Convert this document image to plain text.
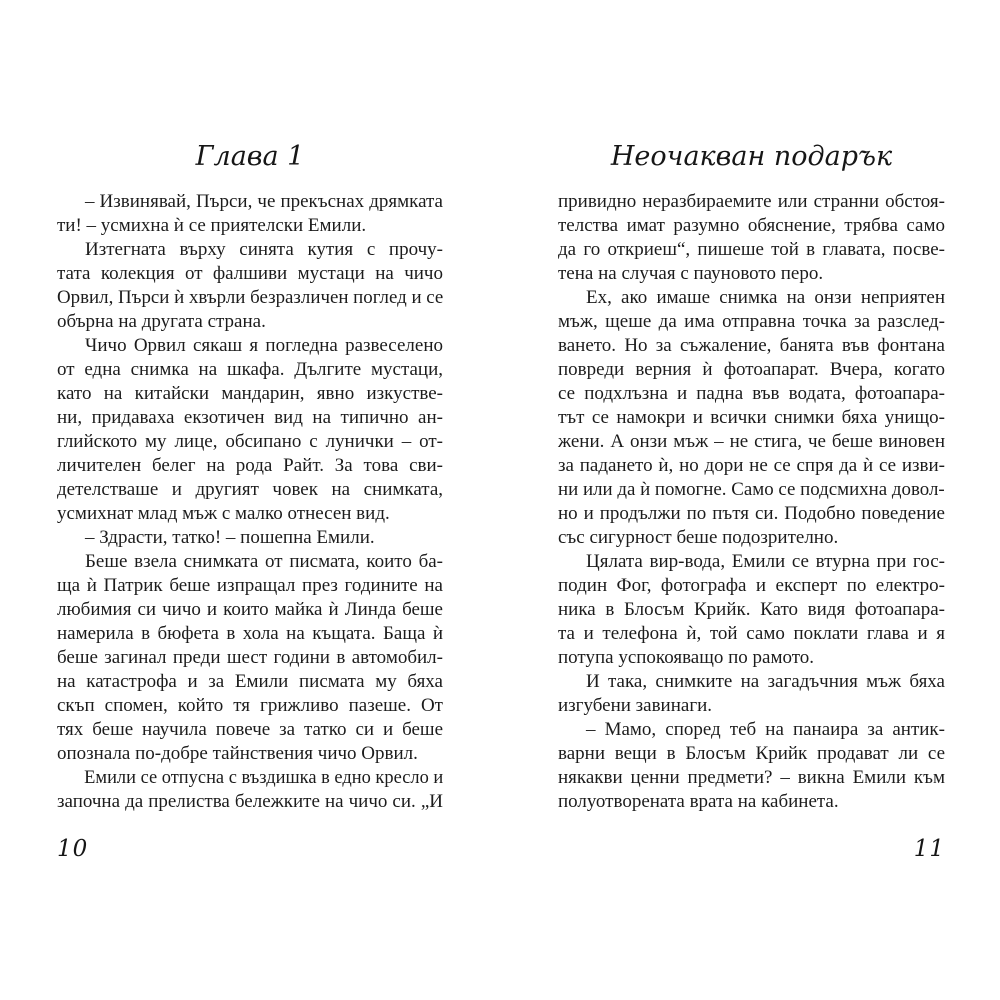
Глава 1
– Извинявай, Пърси, че прекъснах дрямката
ти! – усмихна ѝ се приятелски Емили.
Изтегната върху синята кутия с прочу-
тата колекция от фалшиви мустаци на чичо
Орвил, Пърси ѝ хвърли безразличен поглед и се
обърна на другата страна.
Чичо Орвил сякаш я погледна развеселено
от една снимка на шкафа. Дългите мустаци,
като на китайски мандарин, явно изкустве-
ни, придаваха екзотичен вид на типично ан-
глийското му лице, обсипано с лунички – от-
личителен белег на рода Райт. За това сви-
детелстваше и другият човек на снимката,
усмихнат млад мъж с малко отнесен вид.
– Здрасти, татко! – пошепна Емили.
Беше взела снимката от писмата, които ба-
ща ѝ Патрик беше изпращал през годините на
любимия си чичо и които майка ѝ Линда беше
намерила в бюфета в хола на къщата. Баща ѝ
беше загинал преди шест години в автомобил-
на катастрофа и за Емили писмата му бяха
скъп спомен, който тя грижливо пазеше. От
тях беше научила повече за татко си и беше
опознала по-добре тайнствения чичо Орвил.
Емили се отпусна с въздишка в едно кресло и
започна да прелиства бележките на чичо си. „И
10
Неочакван подарък
привидно неразбираемите или странни обстоя-
телства имат разумно обяснение, трябва само
да го откриеш“, пишеше той в главата, посве-
тена на случая с пауновото перо.
Ех, ако имаше снимка на онзи неприятен
мъж, щеше да има отправна точка за разслед-
ването. Но за съжаление, банята във фонтана
повреди верния ѝ фотоапарат. Вчера, когато
се подхлъзна и падна във водата, фотоапара-
тът се намокри и всички снимки бяха унищо-
жени. А онзи мъж – не стига, че беше виновен
за падането ѝ, но дори не се спря да ѝ се изви-
ни или да ѝ помогне. Само се подсмихна довол-
но и продължи по пътя си. Подобно поведение
със сигурност беше подозрително.
Цялата вир-вода, Емили се втурна при гос-
подин Фог, фотографа и експерт по електро-
ника в Блосъм Крийк. Като видя фотоапара-
та и телефона ѝ, той само поклати глава и я
потупа успокояващо по рамото.
И така, снимките на загадъчния мъж бяха
изгубени завинаги.
– Мамо, според теб на панаира за антик-
варни вещи в Блосъм Крийк продават ли се
някакви ценни предмети? – викна Емили към
полуотворената врата на кабинета.
11
